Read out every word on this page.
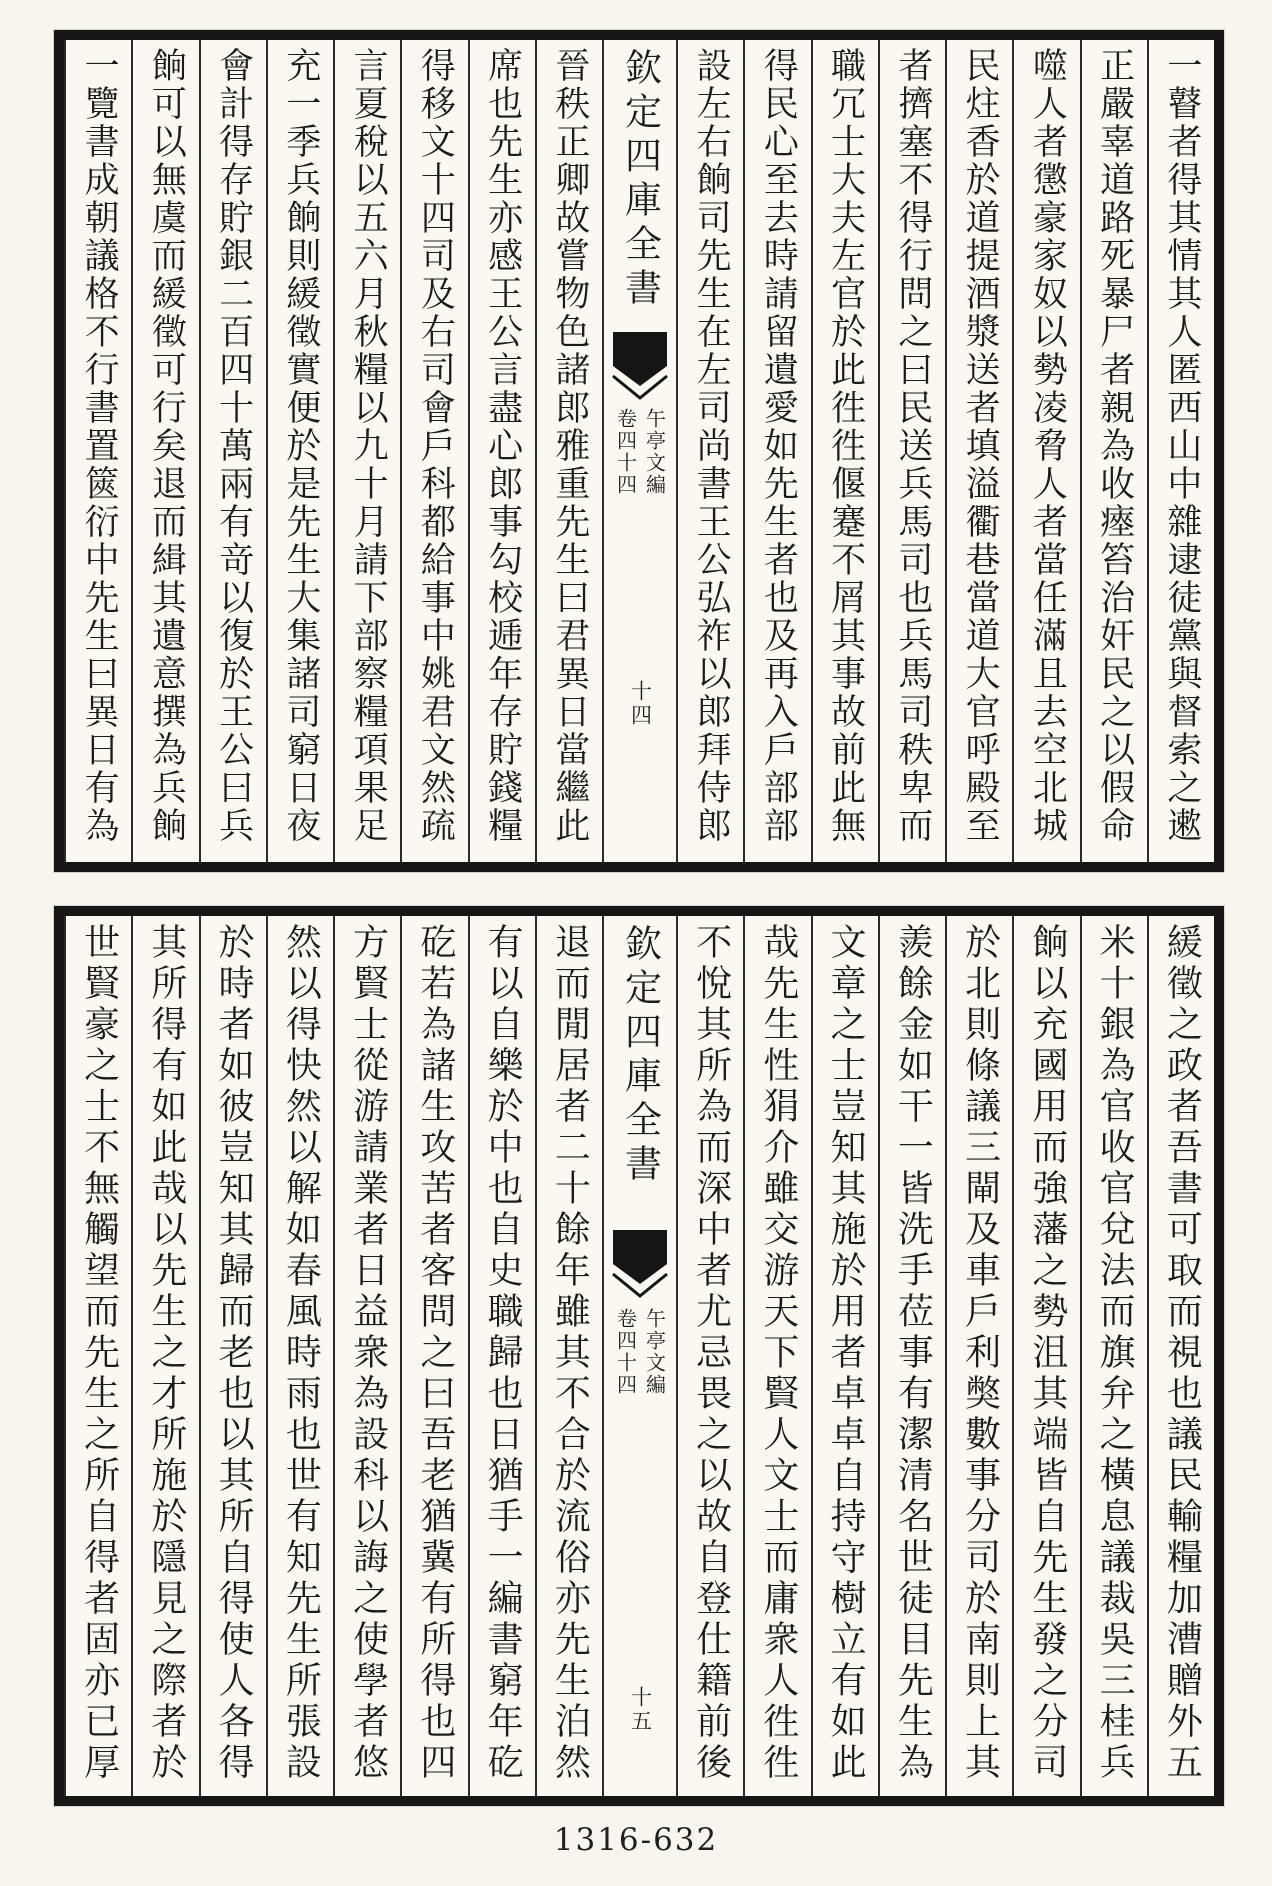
一瞽者得其情其人匿西山中雜逮徒黨與督索之遬
正嚴辜道路死暴尸者親為收瘞笞治奸民之以假命
噬人者懲豪家奴以勢凌脅人者當任滿且去空北城
民炷香於道提酒漿送者填溢衢巷當道大官呼殿至
者擠塞不得行問之曰民送兵馬司也兵馬司秩卑而
職冗士大夫左官於此徃徃偃蹇不屑其事故前此無
得民心至去時請留遺愛如先生者也及再入戶部部
設左右餉司先生在左司尚書王公弘祚以郎拜侍郎
欽定四庫全書
午亭文編
卷四十四
十四
晉秩正卿故嘗物色諸郎雅重先生曰君異日當繼此
席也先生亦感王公言盡心郎事勾校逓年存貯錢糧
得移文十四司及右司會戶科都給事中姚君文然疏
言夏稅以五六月秋糧以九十月請下部察糧項果足
充一季兵餉則緩徵實便於是先生大集諸司窮日夜
會計得存貯銀二百四十萬兩有竒以復於王公曰兵
餉可以無虞而緩徵可行矣退而緝其遺意撰為兵餉
一覽書成朝議格不行書置篋衍中先生曰異日有為
緩徵之政者吾書可取而視也議民輸糧加漕贈外五
米十銀為官收官兌法而旗弁之橫息議裁吳三桂兵
餉以充國用而強藩之勢沮其端皆自先生發之分司
於北則條議三閘及車戶利獘數事分司於南則上其
羨餘金如干一皆洗手莅事有潔清名世徒目先生為
文章之士豈知其施於用者卓卓自持守樹立有如此
哉先生性狷介雖交游天下賢人文士而庸衆人徃徃
不悅其所為而深中者尤忌畏之以故自登仕籍前後
欽定四庫全書
午亭文編
卷四十四
十五
退而閒居者二十餘年雖其不合於流俗亦先生泊然
有以自樂於中也自史職歸也日猶手一編書窮年矻
矻若為諸生攻苦者客問之曰吾老猶冀有所得也四
方賢士從游請業者日益衆為設科以誨之使學者悠
然以得快然以解如春風時雨也世有知先生所張設
於時者如彼豈知其歸而老也以其所自得使人各得
其所得有如此哉以先生之才所施於隱見之際者於
世賢豪之士不無觸望而先生之所自得者固亦已厚
1316-632
